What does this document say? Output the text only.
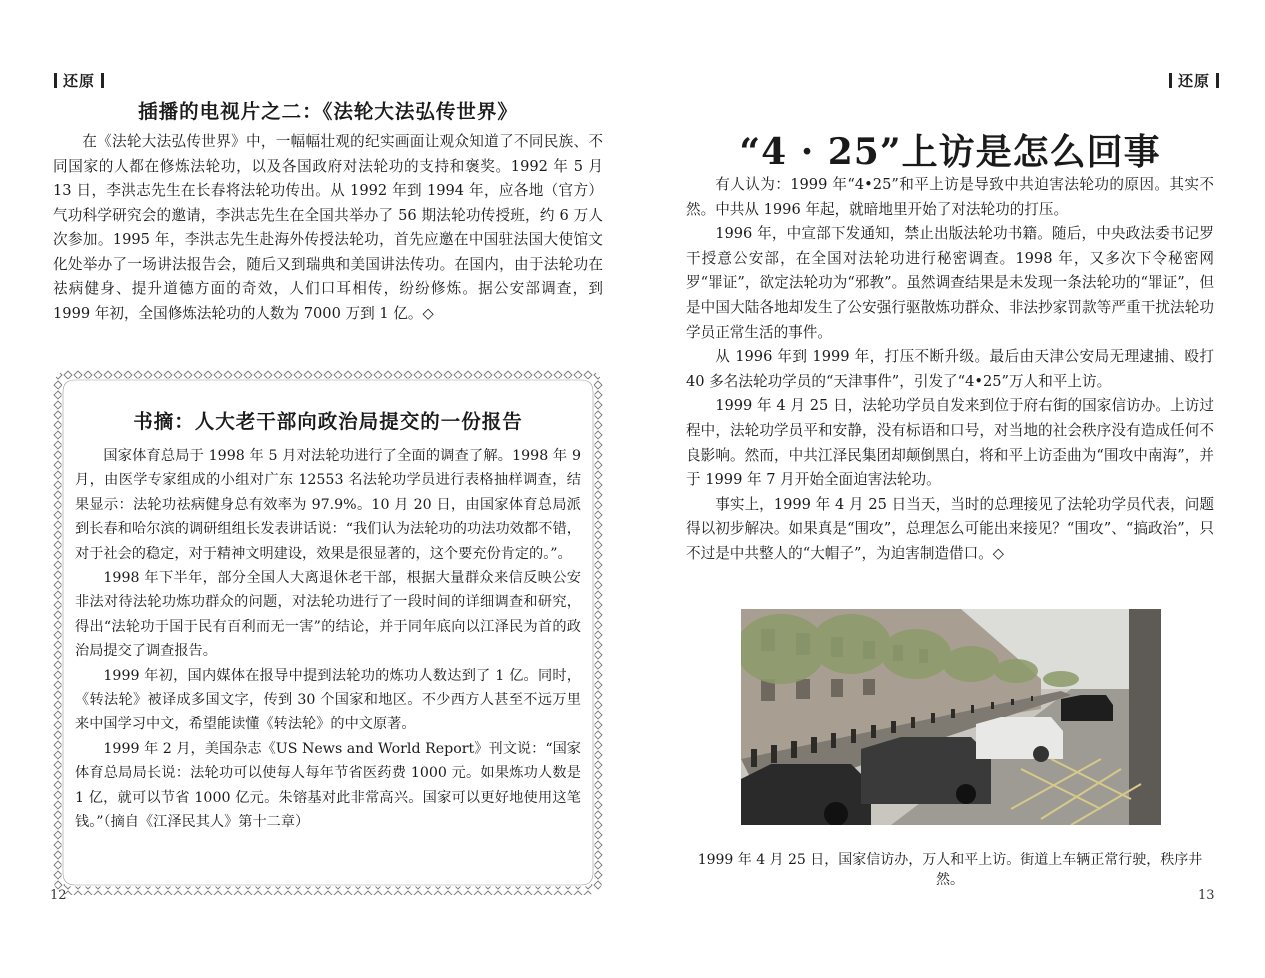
还原
插播的电视片之二：《法轮大法弘传世界》

在《法轮大法弘传世界》中，一幅幅壮观的纪实画面让观众知道了不同民族、不同国家的人都在修炼法轮功，以及各国政府对法轮功的支持和褒奖。1992 年 5 月 13 日，李洪志先生在长春将法轮功传出。从 1992 年到 1994 年，应各地（官方）气功科学研究会的邀请，李洪志先生在全国共举办了 56 期法轮功传授班，约 6 万人次参加。1995 年，李洪志先生赴海外传授法轮功，首先应邀在中国驻法国大使馆文化处举办了一场讲法报告会，随后又到瑞典和美国讲法传功。在国内，由于法轮功在祛病健身、提升道德方面的奇效，人们口耳相传，纷纷修炼。据公安部调查，到 1999 年初，全国修炼法轮功的人数为 7000 万到 1 亿。◇

书摘：人大老干部向政治局提交的一份报告

国家体育总局于 1998 年 5 月对法轮功进行了全面的调查了解。1998 年 9 月，由医学专家组成的小组对广东 12553 名法轮功学员进行表格抽样调查，结果显示：法轮功祛病健身总有效率为 97.9%。10 月 20 日，由国家体育总局派到长春和哈尔滨的调研组组长发表讲话说：“我们认为法轮功的功法功效都不错，对于社会的稳定，对于精神文明建设，效果是很显著的，这个要充份肯定的。”。

1998 年下半年，部分全国人大离退休老干部，根据大量群众来信反映公安非法对待法轮功炼功群众的问题，对法轮功进行了一段时间的详细调查和研究，得出“法轮功于国于民有百利而无一害”的结论，并于同年底向以江泽民为首的政治局提交了调查报告。

1999 年初，国内媒体在报导中提到法轮功的炼功人数达到了 1 亿。同时，《转法轮》被译成多国文字，传到 30 个国家和地区。不少西方人甚至不远万里来中国学习中文，希望能读懂《转法轮》的中文原著。

1999 年 2 月，美国杂志《US News and World Report》刊文说：“国家体育总局局长说：法轮功可以使每人每年节省医药费 1000 元。如果炼功人数是 1 亿，就可以节省 1000 亿元。朱镕基对此非常高兴。国家可以更好地使用这笔钱。”（摘自《江泽民其人》第十二章）

12
还原
“4 · 25”上访是怎么回事

有人认为：1999 年“4•25”和平上访是导致中共迫害法轮功的原因。其实不然。中共从 1996 年起，就暗地里开始了对法轮功的打压。

1996 年，中宣部下发通知，禁止出版法轮功书籍。随后，中央政法委书记罗干授意公安部，在全国对法轮功进行秘密调查。1998 年，又多次下令秘密网罗“罪证”，欲定法轮功为“邪教”。虽然调查结果是未发现一条法轮功的“罪证”，但是中国大陆各地却发生了公安强行驱散炼功群众、非法抄家罚款等严重干扰法轮功学员正常生活的事件。

从 1996 年到 1999 年，打压不断升级。最后由天津公安局无理逮捕、殴打 40 多名法轮功学员的“天津事件”，引发了“4•25”万人和平上访。

1999 年 4 月 25 日，法轮功学员自发来到位于府右街的国家信访办。上访过程中，法轮功学员平和安静，没有标语和口号，对当地的社会秩序没有造成任何不良影响。然而，中共江泽民集团却颠倒黑白，将和平上访歪曲为“围攻中南海”，并于 1999 年 7 月开始全面迫害法轮功。

事实上，1999 年 4 月 25 日当天，当时的总理接见了法轮功学员代表，问题得以初步解决。如果真是“围攻”，总理怎么可能出来接见？“围攻”、“搞政治”，只不过是中共整人的“大帽子”，为迫害制造借口。◇

1999 年 4 月 25 日，国家信访办，万人和平上访。街道上车辆正常行驶，秩序井然。
13
